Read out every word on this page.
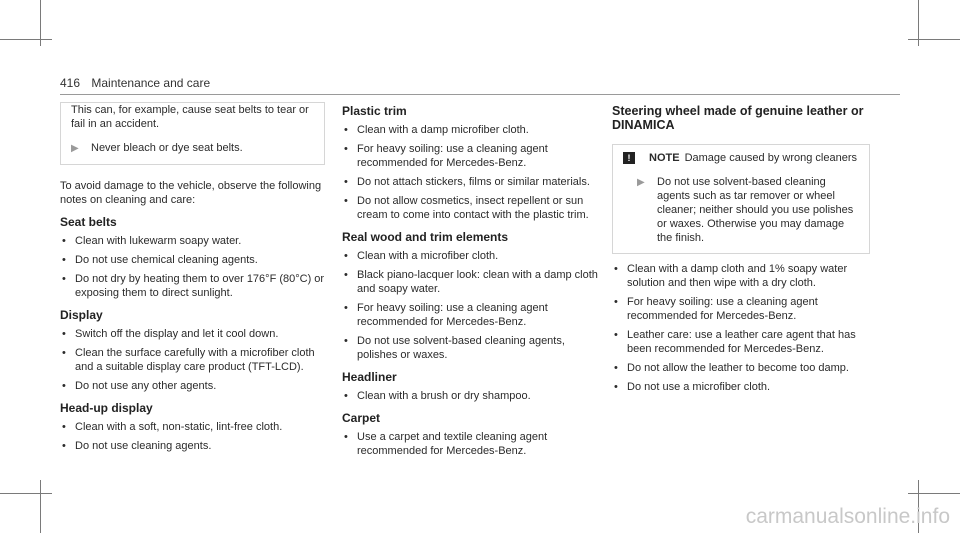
416 Maintenance and care
This can, for example, cause seat belts to tear or fail in an accident.
▶	Never bleach or dye seat belts.

To avoid damage to the vehicle, observe the following notes on cleaning and care:

Seat belts
• Clean with lukewarm soapy water.
• Do not use chemical cleaning agents.
• Do not dry by heating them to over 176°F (80°C) or exposing them to direct sunlight.
Display
• Switch off the display and let it cool down.
• Clean the surface carefully with a microfiber cloth and a suitable display care product (TFT-LCD).
• Do not use any other agents.
Head-up display
• Clean with a soft, non-static, lint-free cloth.
• Do not use cleaning agents.
Plastic trim
• Clean with a damp microfiber cloth.
• For heavy soiling: use a cleaning agent recommended for Mercedes-Benz.
• Do not attach stickers, films or similar materials.
• Do not allow cosmetics, insect repellent or sun cream to come into contact with the plastic trim.
Real wood and trim elements
• Clean with a microfiber cloth.
• Black piano-lacquer look: clean with a damp cloth and soapy water.
• For heavy soiling: use a cleaning agent recommended for Mercedes-Benz.
• Do not use solvent-based cleaning agents, polishes or waxes.
Headliner
• Clean with a brush or dry shampoo.
Carpet
• Use a carpet and textile cleaning agent recommended for Mercedes-Benz.
Steering wheel made of genuine leather or DINAMICA
!	NOTE Damage caused by wrong cleaners
▶	Do not use solvent-based cleaning agents such as tar remover or wheel cleaner; neither should you use polishes or waxes. Otherwise you may damage the finish.
• Clean with a damp cloth and 1% soapy water solution and then wipe with a dry cloth.
• For heavy soiling: use a cleaning agent recommended for Mercedes-Benz.
• Leather care: use a leather care agent that has been recommended for Mercedes-Benz.
• Do not allow the leather to become too damp.
• Do not use a microfiber cloth.
carmanualsonline.info
